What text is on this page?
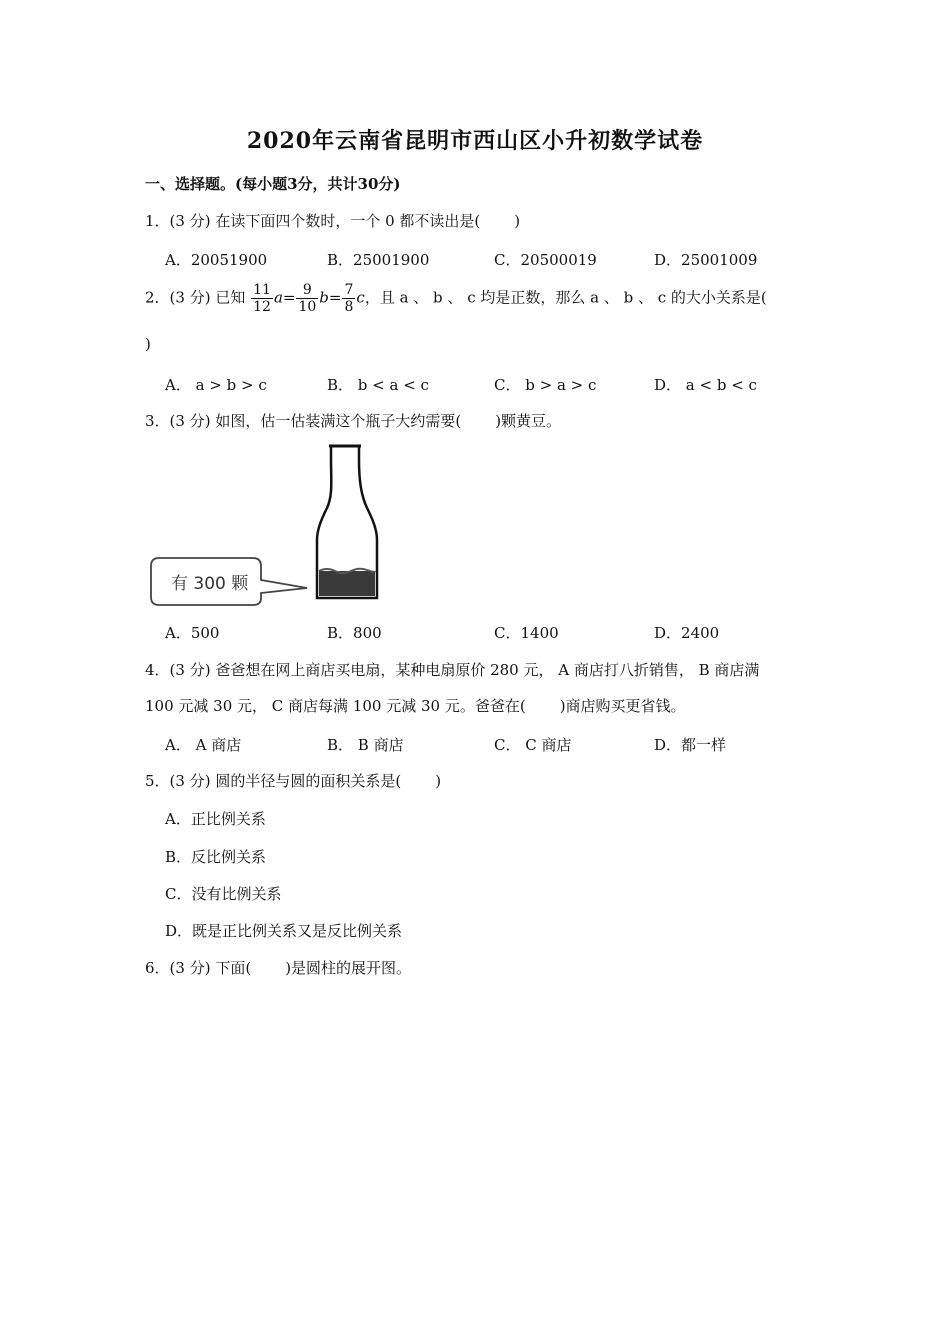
2020年云南省昆明市西山区小升初数学试卷
一、选择题。(每小题3分，共计30分)
1．(3 分) 在读下面四个数时，一个 0 都不读出是( )
A．20051900	B．25001900	C．20500019	D．25001009
2．(3 分) 已知 $\frac{11}{12} a= \frac{9}{10} b= \frac{7}{8}$ c，且 a 、 b 、 c 均是正数，那么 a 、 b 、 c 的大小关系是(
)
A． a > b > c	B． b < a < c	C． b > a > c	D． a < b < c
3．(3 分) 如图，估一估装满这个瓶子大约需要( )颗黄豆。
有 300 颗
A．500	B．800	C．1400	D．2400
4．(3 分) 爸爸想在网上商店买电扇，某种电扇原价 280 元， A 商店打八折销售， B 商店满
100 元减 30 元， C 商店每满 100 元减 30 元。爸爸在( )商店购买更省钱。
A． A 商店	B． B 商店	C． C 商店	D．都一样
5．(3 分) 圆的半径与圆的面积关系是( )
A．正比例关系
B．反比例关系
C．没有比例关系
D．既是正比例关系又是反比例关系
6．(3 分) 下面( )是圆柱的展开图。
